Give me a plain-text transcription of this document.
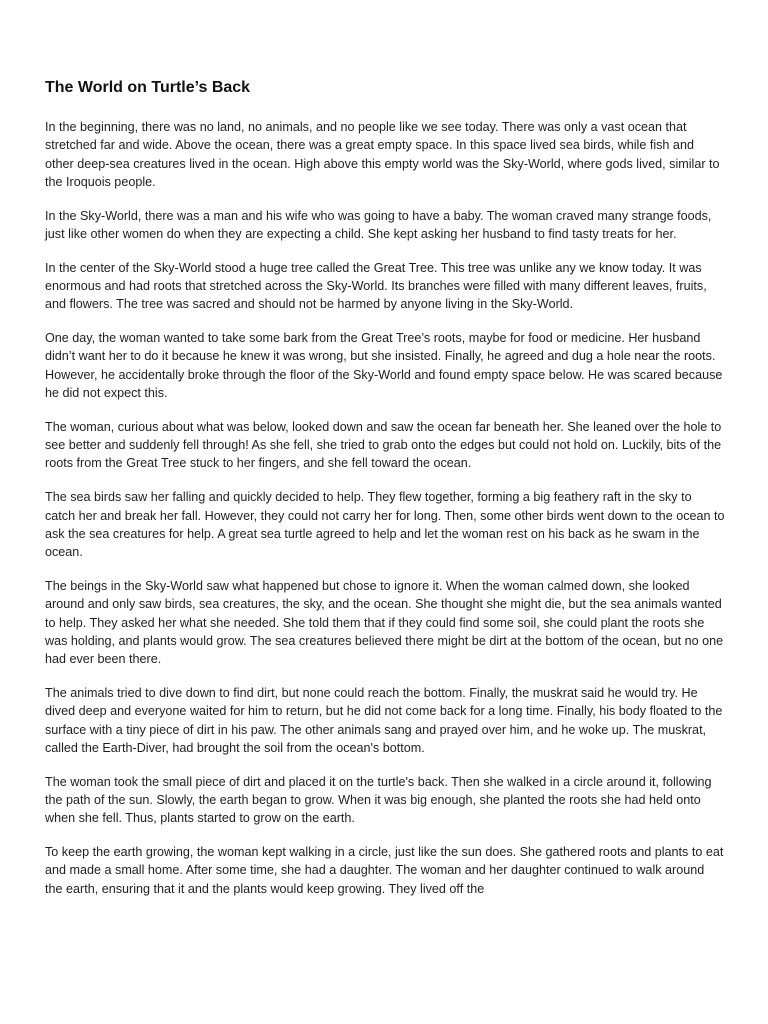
The World on Turtle’s Back

In the beginning, there was no land, no animals, and no people like we see today. There was only a vast ocean that stretched far and wide. Above the ocean, there was a great empty space. In this space lived sea birds, while fish and other deep-sea creatures lived in the ocean. High above this empty world was the Sky-World, where gods lived, similar to the Iroquois people.

In the Sky-World, there was a man and his wife who was going to have a baby. The woman craved many strange foods, just like other women do when they are expecting a child. She kept asking her husband to find tasty treats for her.

In the center of the Sky-World stood a huge tree called the Great Tree. This tree was unlike any we know today. It was enormous and had roots that stretched across the Sky-World. Its branches were filled with many different leaves, fruits, and flowers. The tree was sacred and should not be harmed by anyone living in the Sky-World.

One day, the woman wanted to take some bark from the Great Tree’s roots, maybe for food or medicine. Her husband didn’t want her to do it because he knew it was wrong, but she insisted. Finally, he agreed and dug a hole near the roots. However, he accidentally broke through the floor of the Sky-World and found empty space below. He was scared because he did not expect this.

The woman, curious about what was below, looked down and saw the ocean far beneath her. She leaned over the hole to see better and suddenly fell through! As she fell, she tried to grab onto the edges but could not hold on. Luckily, bits of the roots from the Great Tree stuck to her fingers, and she fell toward the ocean.

The sea birds saw her falling and quickly decided to help. They flew together, forming a big feathery raft in the sky to catch her and break her fall. However, they could not carry her for long. Then, some other birds went down to the ocean to ask the sea creatures for help. A great sea turtle agreed to help and let the woman rest on his back as he swam in the ocean.

The beings in the Sky-World saw what happened but chose to ignore it. When the woman calmed down, she looked around and only saw birds, sea creatures, the sky, and the ocean. She thought she might die, but the sea animals wanted to help. They asked her what she needed. She told them that if they could find some soil, she could plant the roots she was holding, and plants would grow. The sea creatures believed there might be dirt at the bottom of the ocean, but no one had ever been there.

The animals tried to dive down to find dirt, but none could reach the bottom. Finally, the muskrat said he would try. He dived deep and everyone waited for him to return, but he did not come back for a long time. Finally, his body floated to the surface with a tiny piece of dirt in his paw. The other animals sang and prayed over him, and he woke up. The muskrat, called the Earth-Diver, had brought the soil from the ocean's bottom.

The woman took the small piece of dirt and placed it on the turtle's back. Then she walked in a circle around it, following the path of the sun. Slowly, the earth began to grow. When it was big enough, she planted the roots she had held onto when she fell. Thus, plants started to grow on the earth.

To keep the earth growing, the woman kept walking in a circle, just like the sun does. She gathered roots and plants to eat and made a small home. After some time, she had a daughter. The woman and her daughter continued to walk around the earth, ensuring that it and the plants would keep growing. They lived off the
